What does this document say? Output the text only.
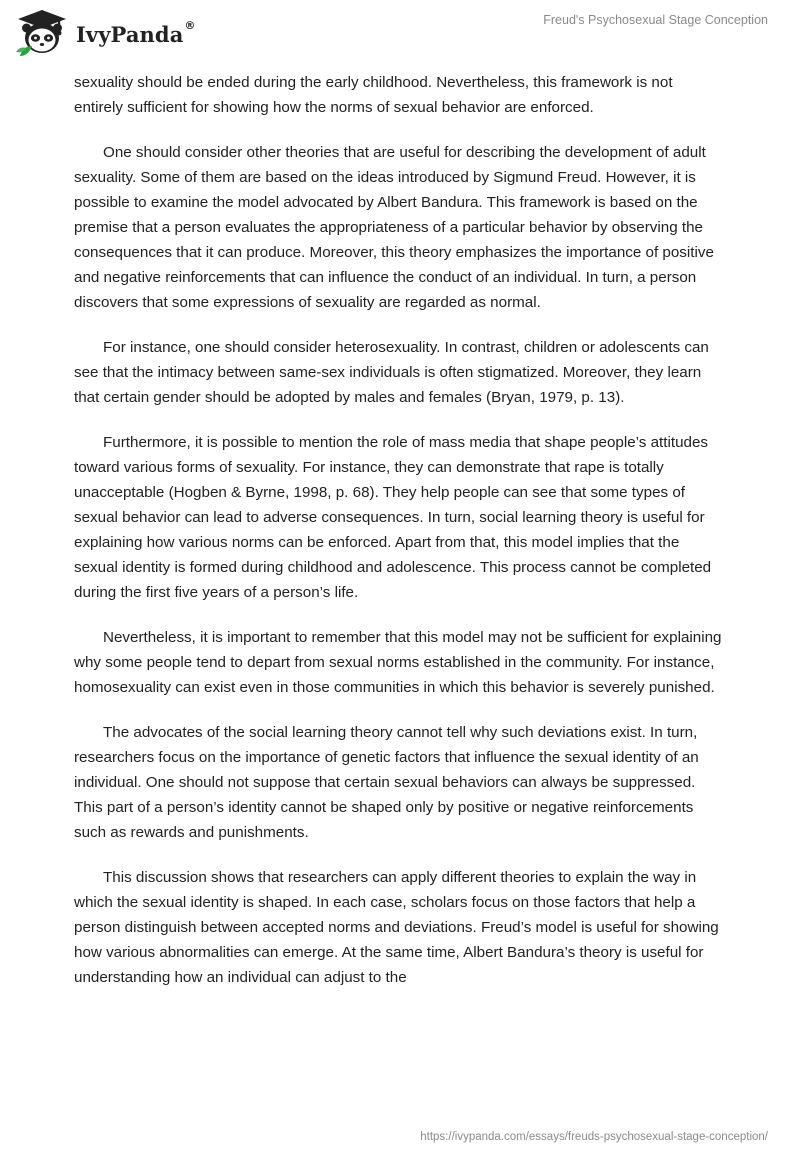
IvyPanda ®	Freud's Psychosexual Stage Conception

sexuality should be ended during the early childhood. Nevertheless, this framework is not entirely sufficient for showing how the norms of sexual behavior are enforced.

One should consider other theories that are useful for describing the development of adult sexuality. Some of them are based on the ideas introduced by Sigmund Freud. However, it is possible to examine the model advocated by Albert Bandura. This framework is based on the premise that a person evaluates the appropriateness of a particular behavior by observing the consequences that it can produce. Moreover, this theory emphasizes the importance of positive and negative reinforcements that can influence the conduct of an individual. In turn, a person discovers that some expressions of sexuality are regarded as normal.

For instance, one should consider heterosexuality. In contrast, children or adolescents can see that the intimacy between same-sex individuals is often stigmatized. Moreover, they learn that certain gender should be adopted by males and females (Bryan, 1979, p. 13).

Furthermore, it is possible to mention the role of mass media that shape people’s attitudes toward various forms of sexuality. For instance, they can demonstrate that rape is totally unacceptable (Hogben & Byrne, 1998, p. 68). They help people can see that some types of sexual behavior can lead to adverse consequences. In turn, social learning theory is useful for explaining how various norms can be enforced. Apart from that, this model implies that the sexual identity is formed during childhood and adolescence. This process cannot be completed during the first five years of a person’s life.

Nevertheless, it is important to remember that this model may not be sufficient for explaining why some people tend to depart from sexual norms established in the community. For instance, homosexuality can exist even in those communities in which this behavior is severely punished.

The advocates of the social learning theory cannot tell why such deviations exist. In turn, researchers focus on the importance of genetic factors that influence the sexual identity of an individual. One should not suppose that certain sexual behaviors can always be suppressed. This part of a person’s identity cannot be shaped only by positive or negative reinforcements such as rewards and punishments.

This discussion shows that researchers can apply different theories to explain the way in which the sexual identity is shaped. In each case, scholars focus on those factors that help a person distinguish between accepted norms and deviations. Freud’s model is useful for showing how various abnormalities can emerge. At the same time, Albert Bandura’s theory is useful for understanding how an individual can adjust to the

https://ivypanda.com/essays/freuds-psychosexual-stage-conception/
